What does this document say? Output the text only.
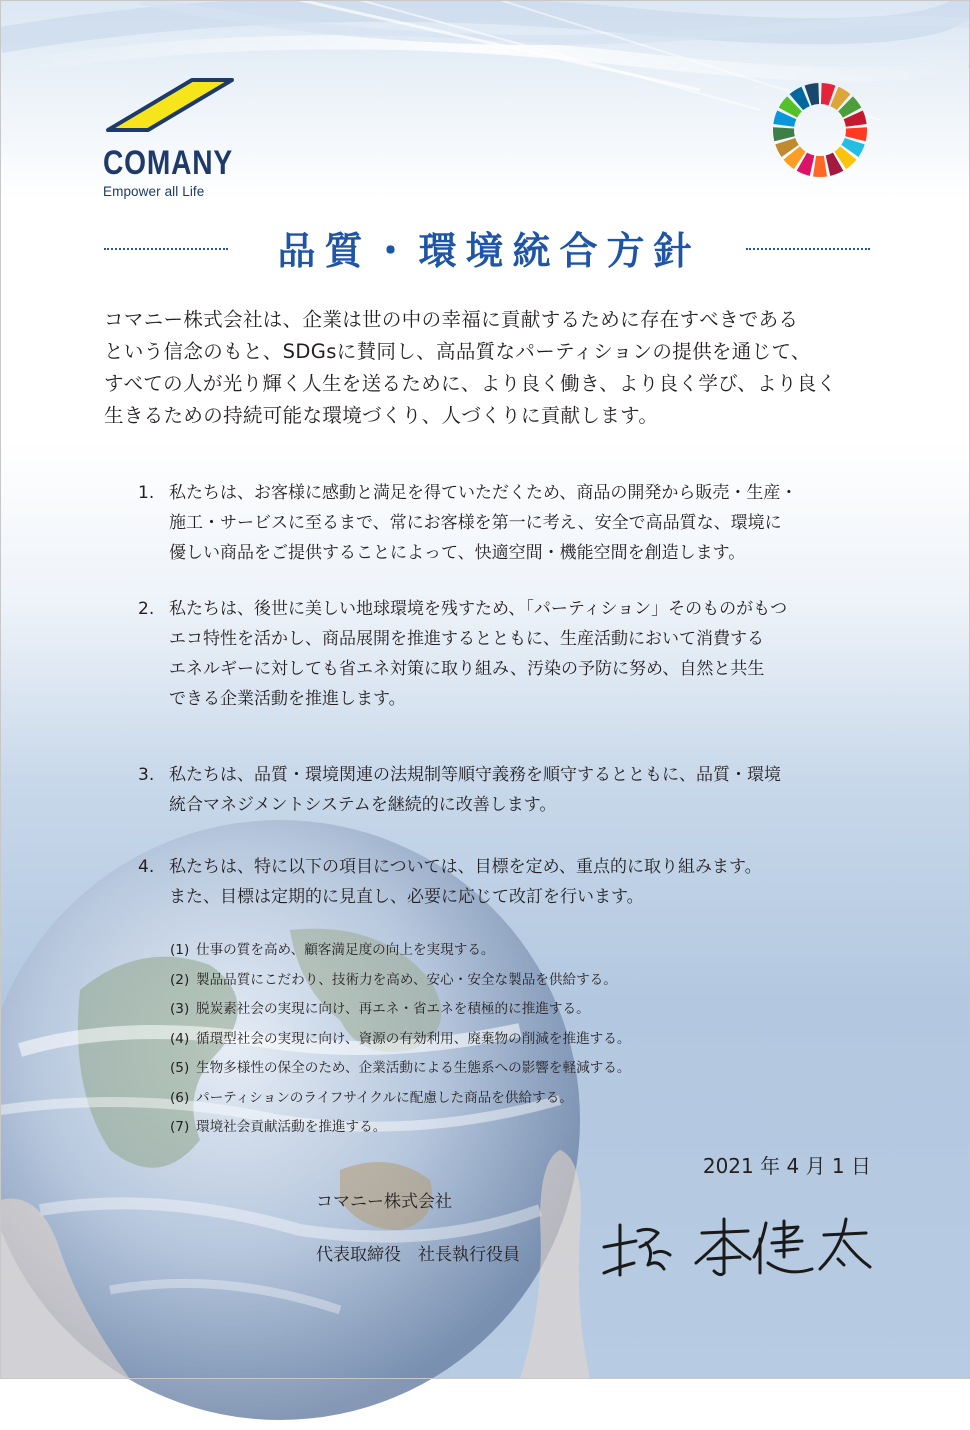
COMANY
Empower all Life
品質・環境統合方針
コマニー株式会社は、企業は世の中の幸福に貢献するために存在すべきである
という信念のもと、SDGsに賛同し、高品質なパーティションの提供を通じて、
すべての人が光り輝く人生を送るために、より良く働き、より良く学び、より良く
生きるための持続可能な環境づくり、人づくりに貢献します。
1. 私たちは、お客様に感動と満足を得ていただくため、商品の開発から販売・生産・
施工・サービスに至るまで、常にお客様を第一に考え、安全で高品質な、環境に
優しい商品をご提供することによって、快適空間・機能空間を創造します。
2. 私たちは、後世に美しい地球環境を残すため、「パーティション」そのものがもつ
エコ特性を活かし、商品展開を推進するとともに、生産活動において消費する
エネルギーに対しても省エネ対策に取り組み、汚染の予防に努め、自然と共生
できる企業活動を推進します。
3. 私たちは、品質・環境関連の法規制等順守義務を順守するとともに、品質・環境
統合マネジメントシステムを継続的に改善します。
4. 私たちは、特に以下の項目については、目標を定め、重点的に取り組みます。
また、目標は定期的に見直し、必要に応じて改訂を行います。
(1) 仕事の質を高め、顧客満足度の向上を実現する。
(2) 製品品質にこだわり、技術力を高め、安心・安全な製品を供給する。
(3) 脱炭素社会の実現に向け、再エネ・省エネを積極的に推進する。
(4) 循環型社会の実現に向け、資源の有効利用、廃棄物の削減を推進する。
(5) 生物多様性の保全のため、企業活動による生態系への影響を軽減する。
(6) パーティションのライフサイクルに配慮した商品を供給する。
(7) 環境社会貢献活動を推進する。
2021 年 4 月 1 日
コマニー株式会社
代表取締役　社長執行役員
